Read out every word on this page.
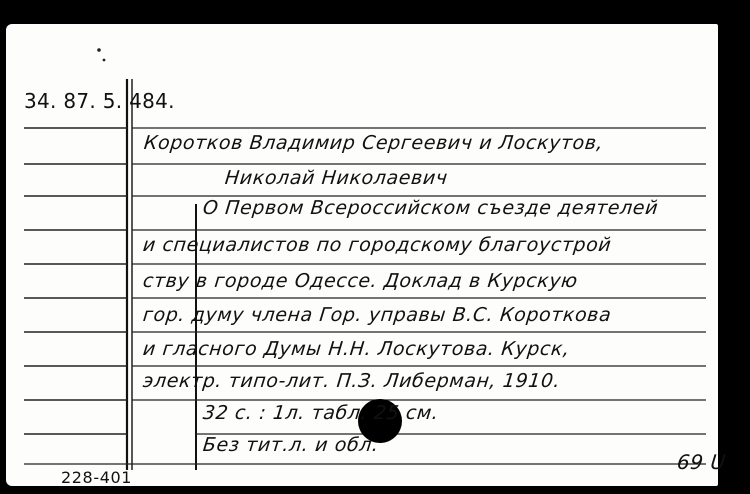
34. 87. 5. 484.
Коротков Владимир Сергеевич и Лоскутов,
Николай Николаевич
О Первом Всероссийском съезде деятелей
и специалистов по городскому благоустрой
ству в городе Одессе. Доклад в Курскую
гор. думу члена Гор. управы В.С. Короткова
и гласного Думы Н.Н. Лоскутова. Курск,
электр. типо-лит. П.З. Либерман, 1910.
32 с. : 1л. табл. 25 см.
Без тит.л. и обл.
228-401
69 U
